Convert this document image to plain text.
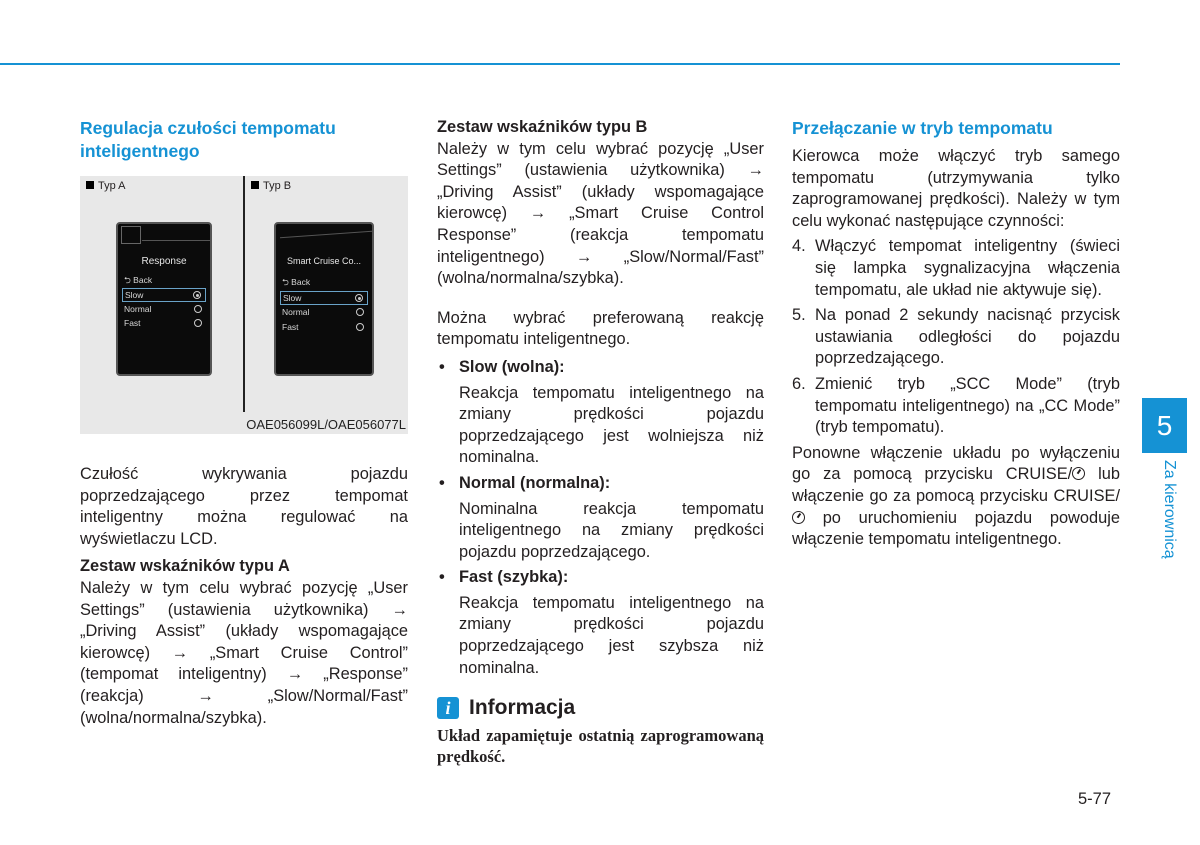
Regulacja czułości tempomatu inteligentnego
Typ A	Typ B
Response
⮌ Back
Slow
Normal
Fast
Smart Cruise Co...
⮌ Back
Slow
Normal
Fast
OAE056099L/OAE056077L

Czułość wykrywania pojazdu poprzedzającego przez tempomat inteligentny można regulować na wyświetlaczu LCD.

Zestaw wskaźników typu A

Należy w tym celu wybrać pozycję „User Settings” (ustawienia użytkownika) → „Driving Assist” (układy wspomagające kierowcę) → „Smart Cruise Control” (tempomat inteligentny) → „Response” (reakcja) → „Slow/Normal/Fast” (wolna/normalna/szybka).

Zestaw wskaźników typu B

Należy w tym celu wybrać pozycję „User Settings” (ustawienia użytkownika) → „Driving Assist” (układy wspomagające kierowcę) → „Smart Cruise Control Response” (reakcja tempomatu inteligentnego) → „Slow/Normal/Fast” (wolna/normalna/szybka).

Można wybrać preferowaną reakcję tempomatu inteligentnego.

• Slow (wolna):
Reakcja tempomatu inteligentnego na zmiany prędkości pojazdu poprzedzającego jest wolniejsza niż nominalna.
• Normal (normalna):
Nominalna reakcja tempomatu inteligentnego na zmiany prędkości pojazdu poprzedzającego.
• Fast (szybka):
Reakcja tempomatu inteligentnego na zmiany prędkości pojazdu poprzedzającego jest szybsza niż nominalna.
i Informacja
Układ zapamiętuje ostatnią zaprogramowaną prędkość.
Przełączanie w tryb tempomatu

Kierowca może włączyć tryb samego tempomatu (utrzymywania tylko zaprogramowanej prędkości). Należy w tym celu wykonać następujące czynności:

4. Włączyć tempomat inteligentny (świeci się lampka sygnalizacyjna włączenia tempomatu, ale układ nie aktywuje się).
5. Na ponad 2 sekundy nacisnąć przycisk ustawiania odległości do pojazdu poprzedzającego.
6. Zmienić tryb „SCC Mode” (tryb tempomatu inteligentnego) na „CC Mode” (tryb tempomatu).

Ponowne włączenie układu po wyłączeniu go za pomocą przycisku CRUISE/ lub włączenie go za pomocą przycisku CRUISE/ po uruchomieniu pojazdu powoduje włączenie tempomatu inteligentnego.

5
Za kierownicą
5-77
